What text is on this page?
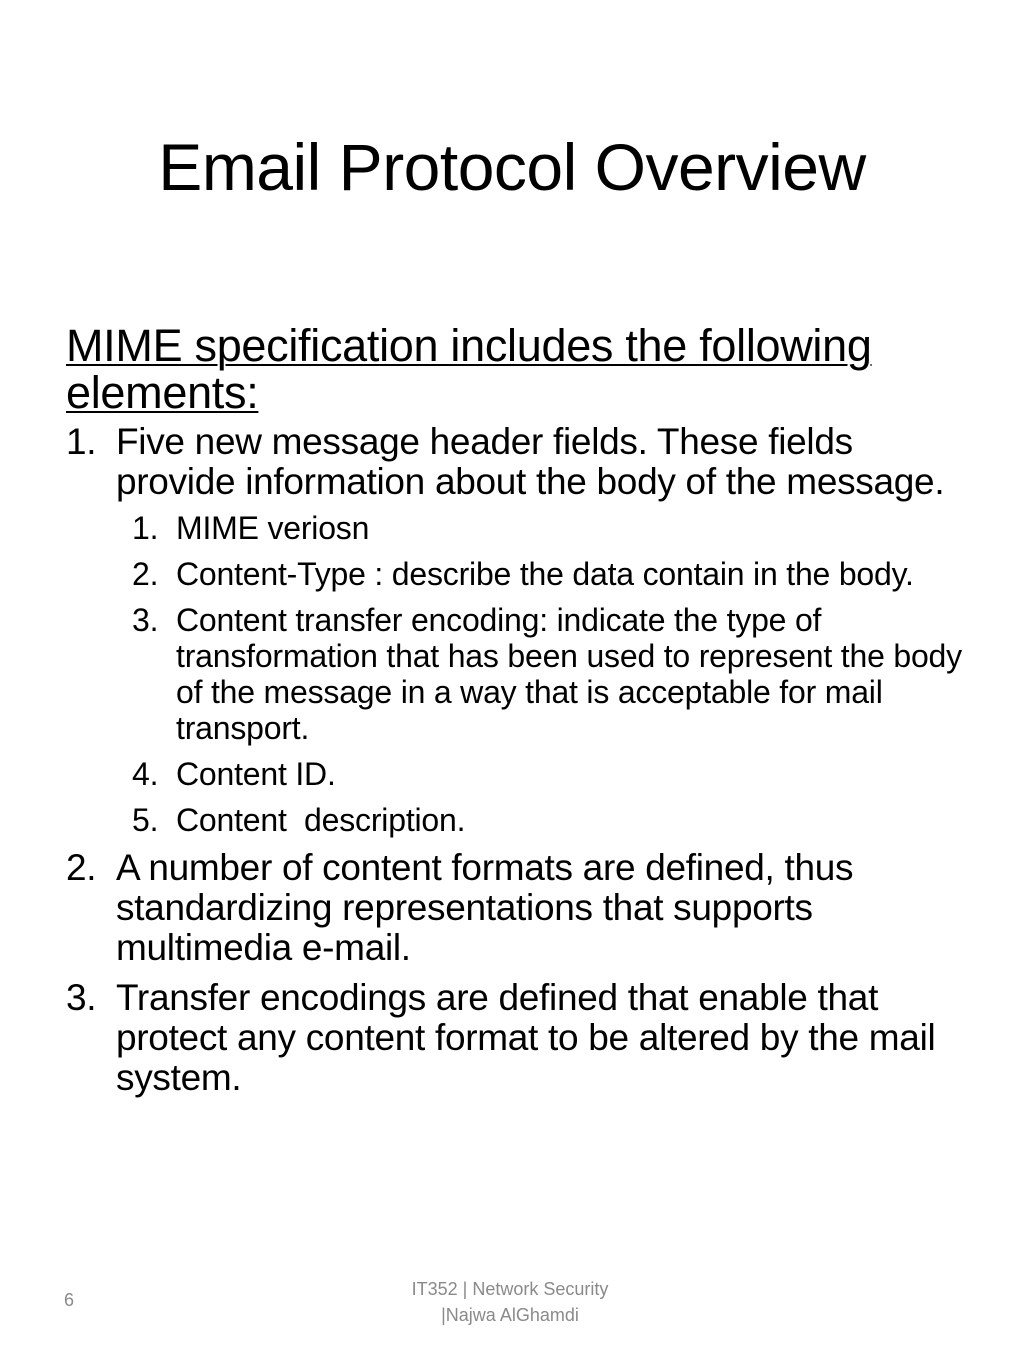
Email Protocol Overview

MIME specification includes the following elements:

1. Five new message header fields. These fields provide information about the body of the message.
1. MIME veriosn
2. Content-Type : describe the data contain in the body.
3. Content transfer encoding: indicate the type of transformation that has been used to represent the body of the message in a way that is acceptable for mail transport.
4. Content ID.
5. Content  description.
2. A number of content formats are defined, thus standardizing representations that supports multimedia e-mail.
3. Transfer encodings are defined that enable that protect any content format to be altered by the mail system.
6
IT352 | Network Security
|Najwa AlGhamdi
